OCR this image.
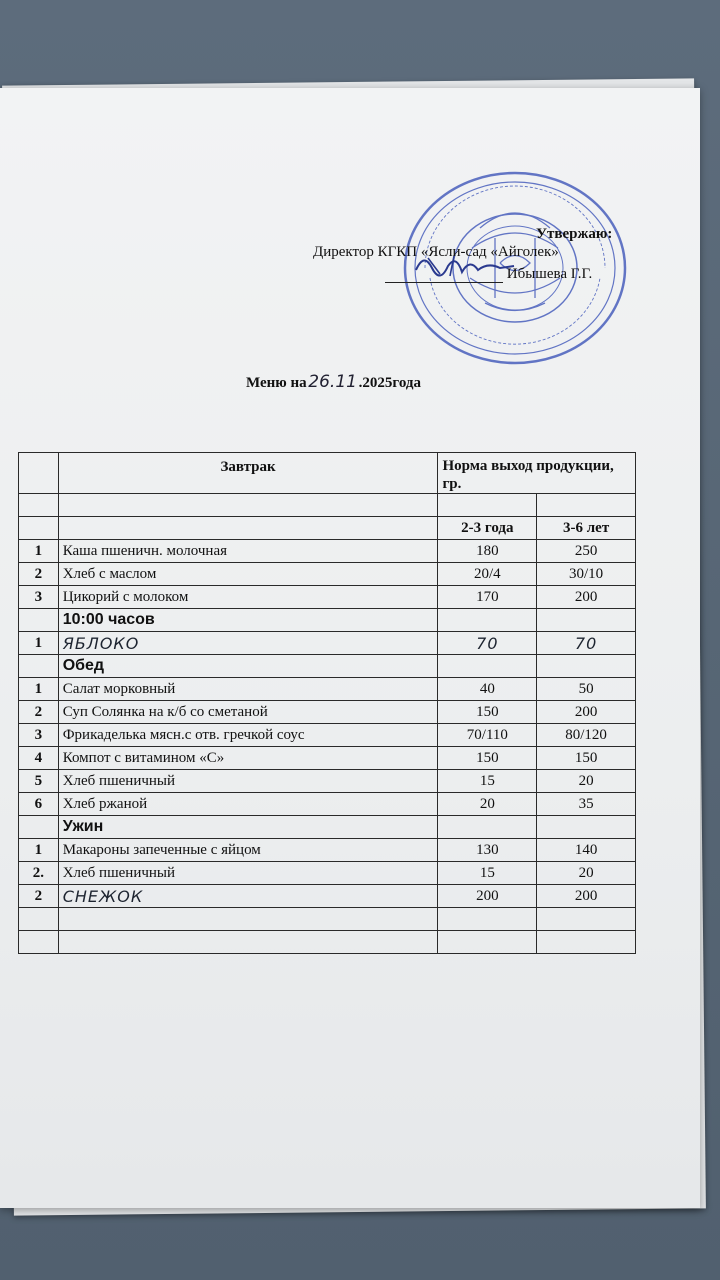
Утвержаю:
Директор КГКП «Ясли-сад «Айголек»
Ибышева Г.Г.
Меню на26.11 .2025года
	Завтрак	Норма выход продукции, гр.	

		2-3 года	3-6 лет
1	Каша пшеничн. молочная	180	250
2	Хлеб с маслом	20/4	30/10
3	Цикорий с молоком	170	200
	10:00 часов		
1	ЯБЛОКО	70	70
	Обед		
1	Салат морковный	40	50
2	Суп Солянка на к/б со сметаной	150	200
3	Фрикаделька мясн.с отв. гречкой соус	70/110	80/120
4	Компот с витамином «С»	150	150
5	Хлеб пшеничный	15	20
6	Хлеб ржаной	20	35
	Ужин		
1	Макароны запеченные с яйцом	130	140
2.	Хлеб пшеничный	15	20
2	СНЕЖОК	200	200
